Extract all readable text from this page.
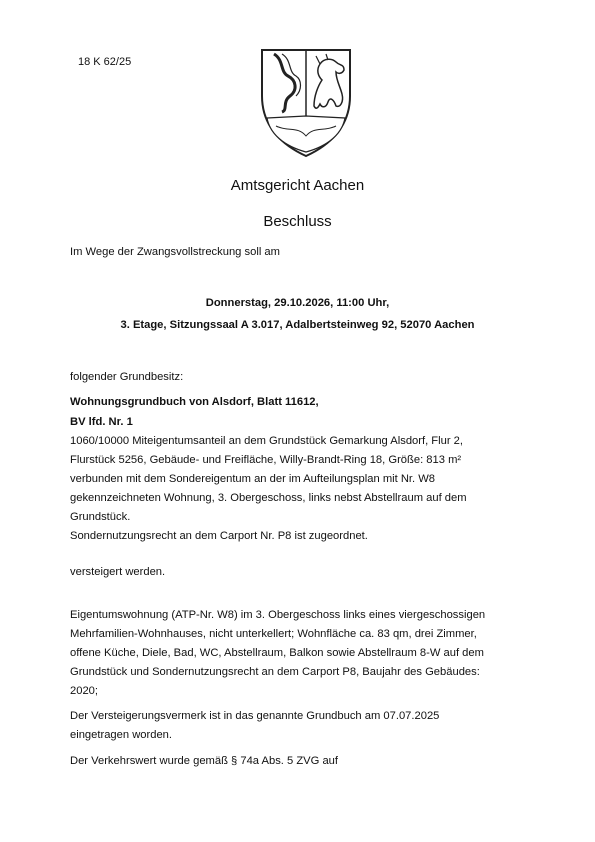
18 K 62/25
Amtsgericht Aachen
Beschluss
Im Wege der Zwangsvollstreckung soll am
Donnerstag, 29.10.2026, 11:00 Uhr,
3. Etage, Sitzungssaal A 3.017, Adalbertsteinweg 92, 52070 Aachen
folgender Grundbesitz:
Wohnungsgrundbuch von Alsdorf, Blatt 11612,
BV lfd. Nr. 1
1060/10000 Miteigentumsanteil an dem Grundstück Gemarkung Alsdorf, Flur 2,
Flurstück 5256, Gebäude- und Freifläche, Willy-Brandt-Ring 18, Größe: 813 m²
verbunden mit dem Sondereigentum an der im Aufteilungsplan mit Nr. W8
gekennzeichneten Wohnung, 3. Obergeschoss, links nebst Abstellraum auf dem
Grundstück.
Sondernutzungsrecht an dem Carport Nr. P8 ist zugeordnet.
versteigert werden.
Eigentumswohnung (ATP-Nr. W8) im 3. Obergeschoss links eines viergeschossigen
Mehrfamilien-Wohnhauses, nicht unterkellert; Wohnfläche ca. 83 qm, drei Zimmer,
offene Küche, Diele, Bad, WC, Abstellraum, Balkon sowie Abstellraum 8-W auf dem
Grundstück und Sondernutzungsrecht an dem Carport P8, Baujahr des Gebäudes:
2020;
Der Versteigerungsvermerk ist in das genannte Grundbuch am 07.07.2025
eingetragen worden.
Der Verkehrswert wurde gemäß § 74a Abs. 5 ZVG auf
